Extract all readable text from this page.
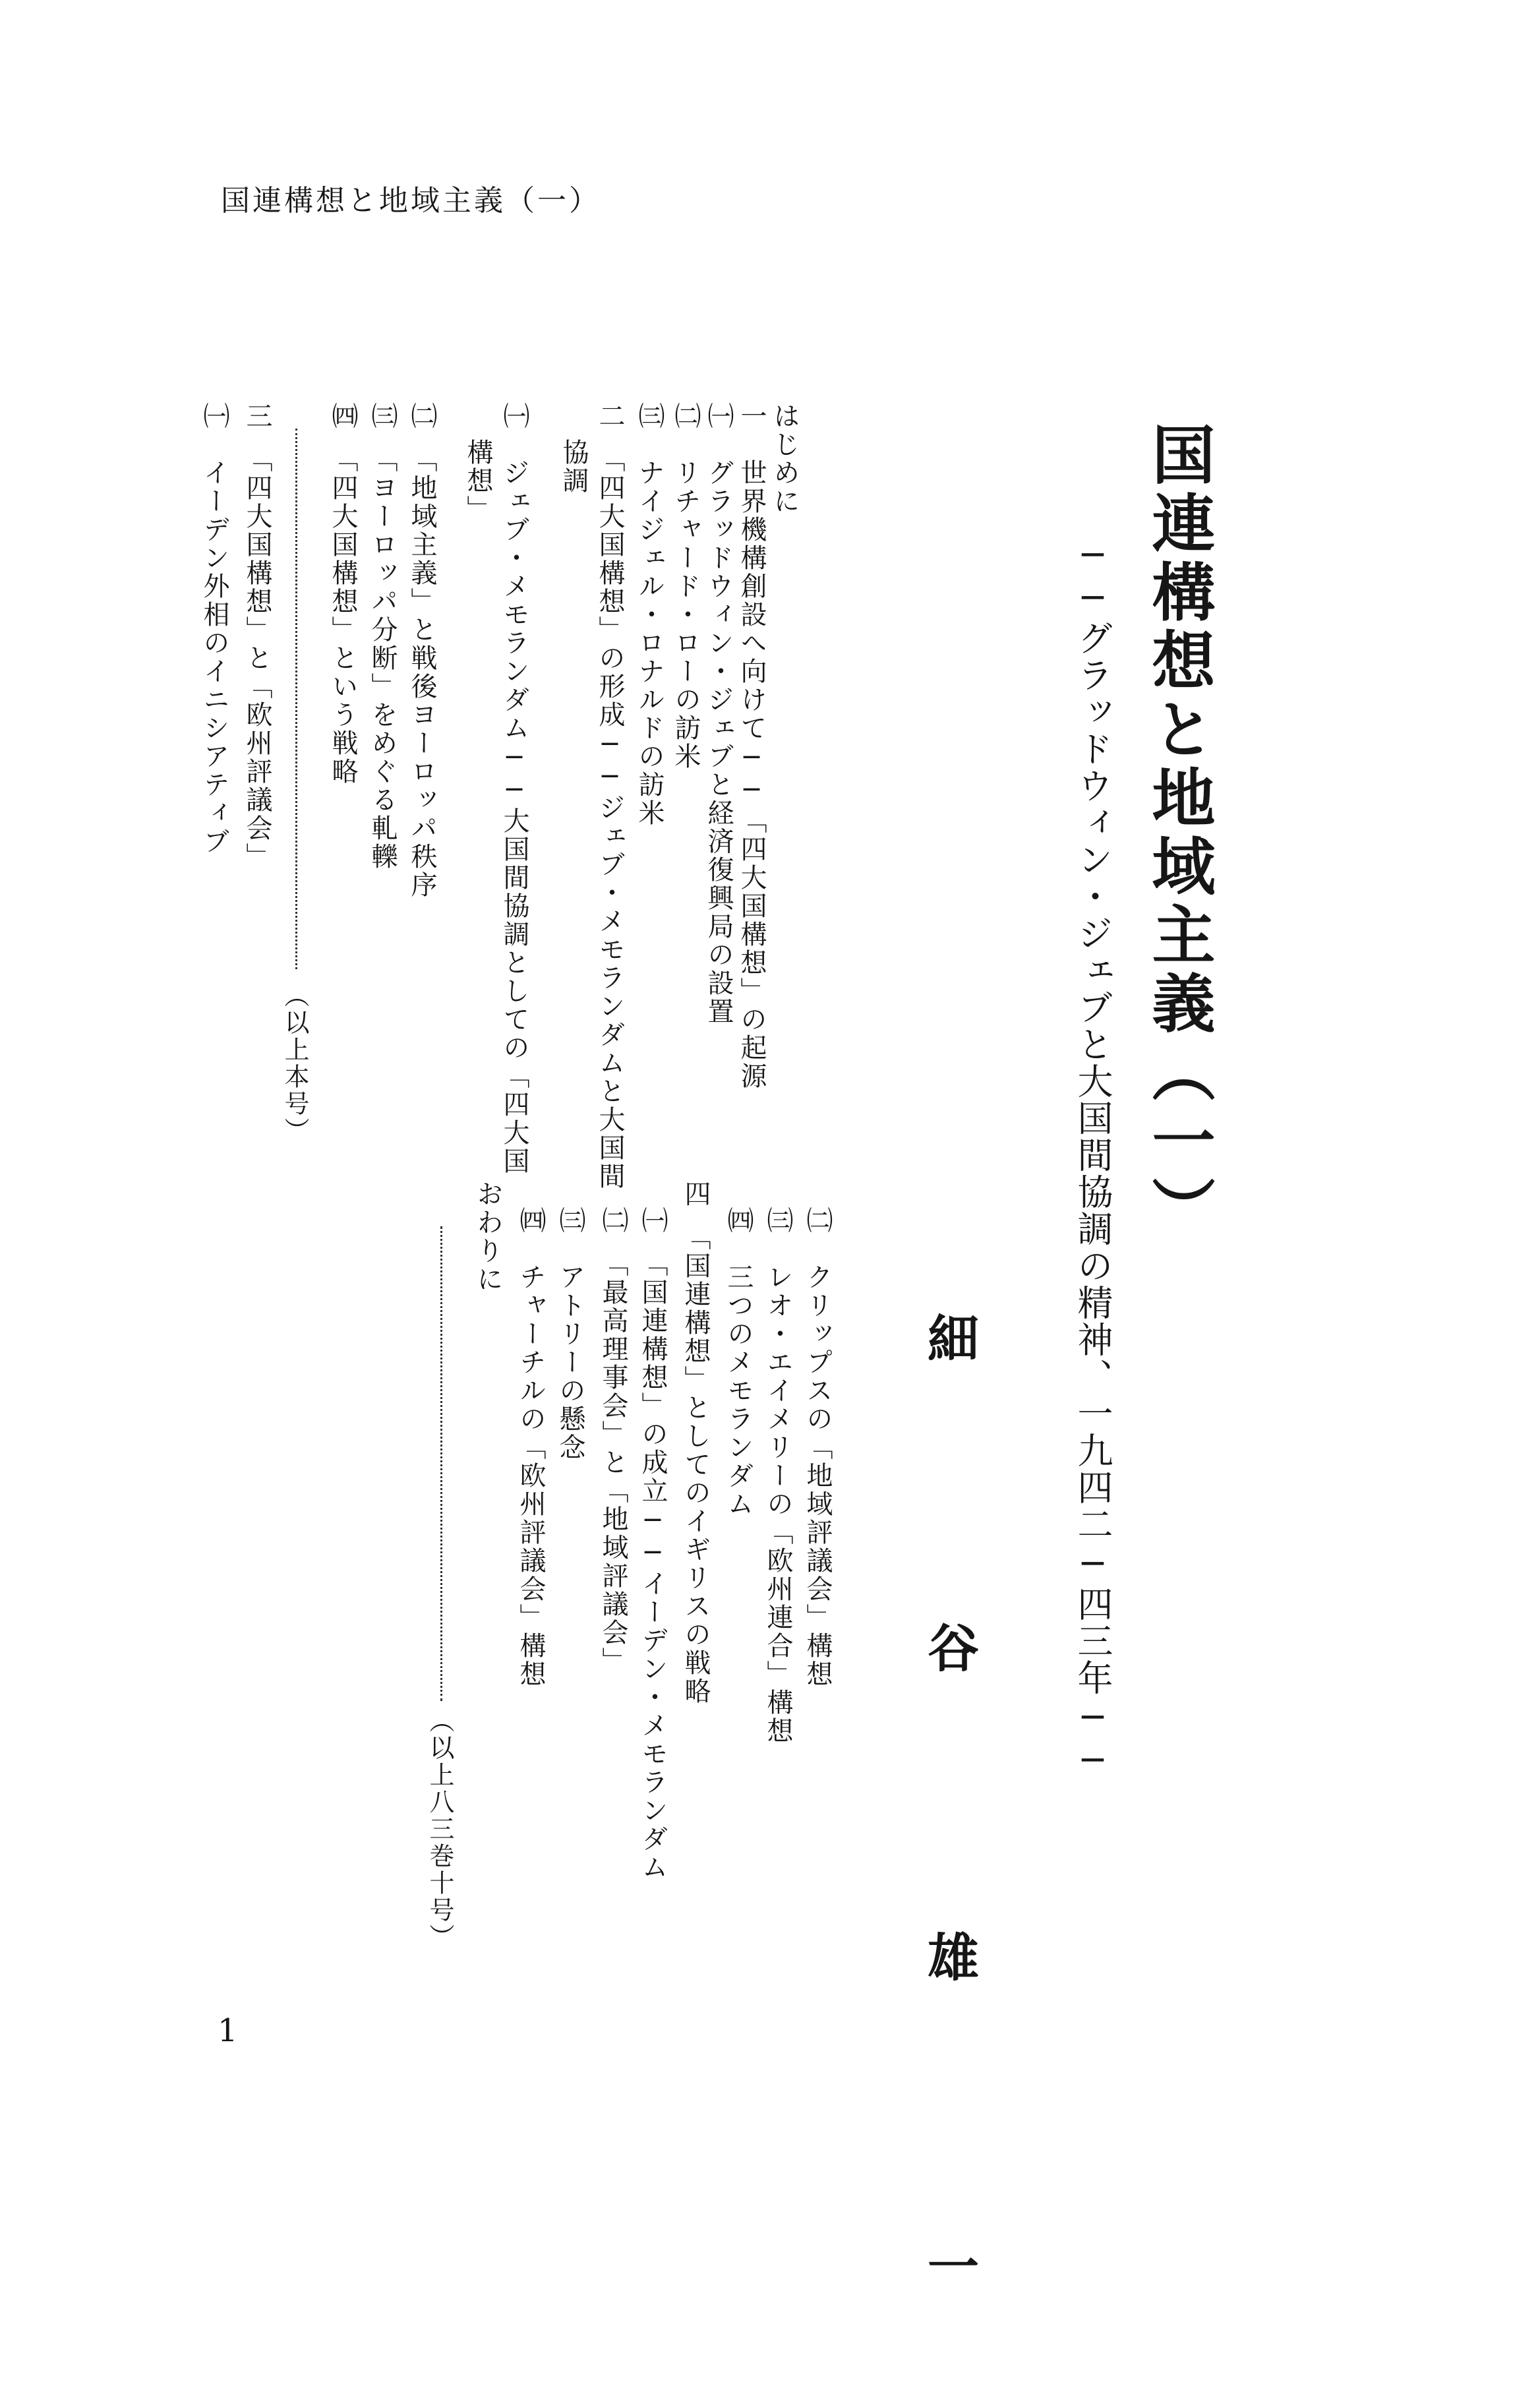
国連構想と地域主義（一）
国連構想と地域主義（一）
──グラッドウィン・ジェブと大国間協調の精神、一九四二─四三年──
細 谷 雄 一
はじめに
一　世界機構創設へ向けて──「四大国構想」の起源
㈠　グラッドウィン・ジェブと経済復興局の設置
㈡　リチャード・ローの訪米
㈢　ナイジェル・ロナルドの訪米
二　「四大国構想」の形成──ジェブ・メモランダムと大国間
協調
㈠　ジェブ・メモランダム──大国間協調としての「四大国
構想」
㈡　「地域主義」と戦後ヨーロッパ秩序
㈢　「ヨーロッパ分断」をめぐる軋轢
㈣　「四大国構想」という戦略
（以上本号）
三　「四大国構想」と「欧州評議会」
㈠　イーデン外相のイニシアティブ
㈡　クリップスの「地域評議会」構想
㈢　レオ・エイメリーの「欧州連合」構想
㈣　三つのメモランダム
四　「国連構想」としてのイギリスの戦略
㈠　「国連構想」の成立──イーデン・メモランダム
㈡　「最高理事会」と「地域評議会」
㈢　アトリーの懸念
㈣　チャーチルの「欧州評議会」構想
おわりに
（以上八三巻十号）
1
